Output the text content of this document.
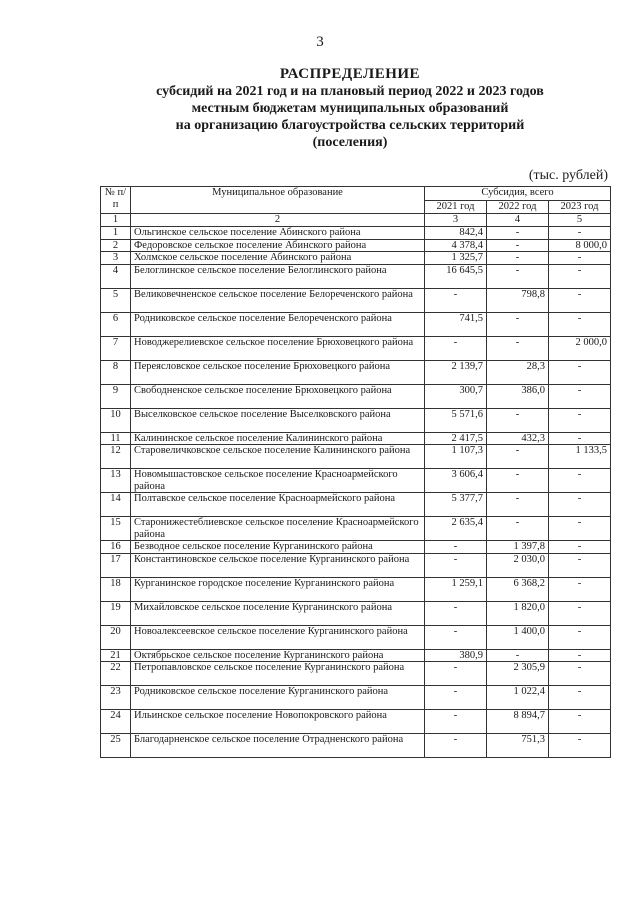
3
РАСПРЕДЕЛЕНИЕ
субсидий на 2021 год и на плановый период 2022 и 2023 годов
местным бюджетам муниципальных образований
на организацию благоустройства сельских территорий
(поселения)
(тыс. рублей)
№ п/п	Муниципальное образование	Субсидия, всего		
		2021 год	2022 год	2023 год
1	2	3	4	5
1	Ольгинское сельское поселение Абинского района	842,4	-	-
2	Федоровское сельское поселение Абинского района	4 378,4	-	8 000,0
3	Холмское сельское поселение Абинского района	1 325,7	-	-
4	Белоглинское сельское поселение Белоглинского района	16 645,5	-	-
5	Великовечненское сельское поселение Белореченского района	-	798,8	-
6	Родниковское сельское поселение Белореченского района	741,5	-	-
7	Новоджерелиевское сельское поселение Брюховецкого района	-	-	2 000,0
8	Переясловское сельское поселение Брюховецкого района	2 139,7	28,3	-
9	Свободненское сельское поселение Брюховецкого района	300,7	386,0	-
10	Выселковское сельское поселение Выселковского района	5 571,6	-	-
11	Калининское сельское поселение Калининского района	2 417,5	432,3	-
12	Старовеличковское сельское поселение Калининского района	1 107,3	-	1 133,5
13	Новомышастовское сельское поселение Красноармейского района	3 606,4	-	-
14	Полтавское сельское поселение Красноармейского района	5 377,7	-	-
15	Старонижестеблиевское сельское поселение Красноармейского района	2 635,4	-	-
16	Безводное сельское поселение Курганинского района	-	1 397,8	-
17	Константиновское сельское поселение Курганинского района	-	2 030,0	-
18	Курганинское городское поселение Курганинского района	1 259,1	6 368,2	-
19	Михайловское сельское поселение Курганинского района	-	1 820,0	-
20	Новоалексеевское сельское поселение Курганинского района	-	1 400,0	-
21	Октябрьское сельское поселение Курганинского района	380,9	-	-
22	Петропавловское сельское поселение Курганинского района	-	2 305,9	-
23	Родниковское сельское поселение Курганинского района	-	1 022,4	-
24	Ильинское сельское поселение Новопокровского района	-	8 894,7	-
25	Благодарненское сельское поселение Отрадненского района	-	751,3	-
